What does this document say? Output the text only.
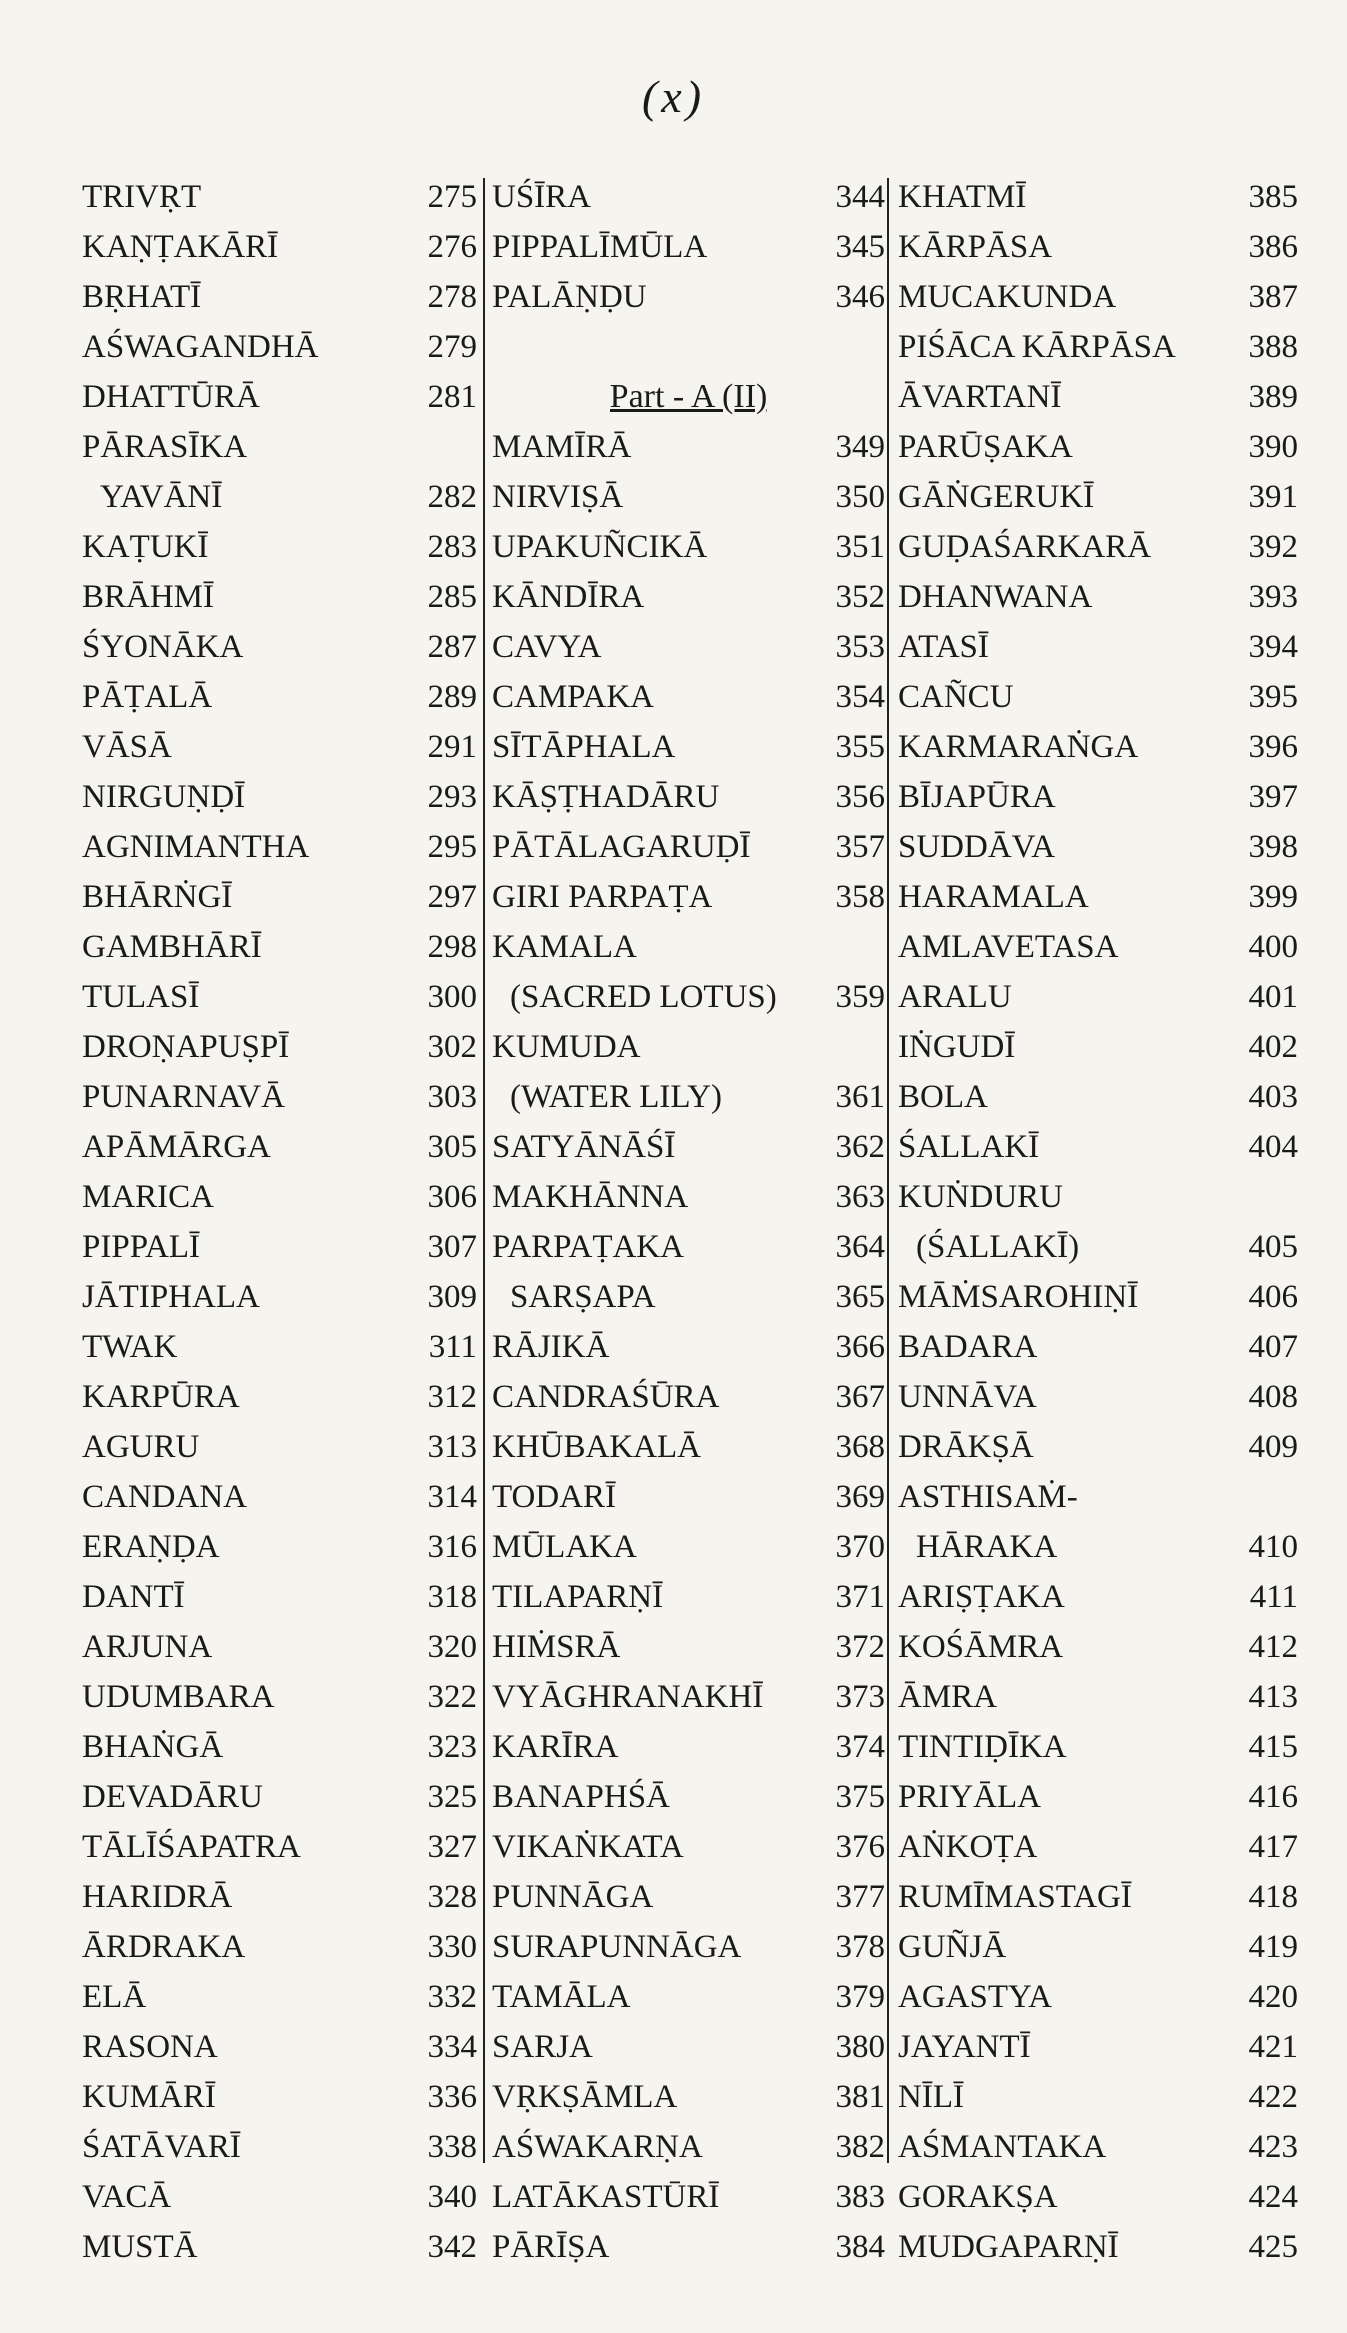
(x)
TRIVṚT	275
KAṆṬAKĀRĪ	276
BṚHATĪ	278
AŚWAGANDHĀ	279
DHATTŪRĀ	281
PĀRASĪKA
YAVĀNĪ	282
KAṬUKĪ	283
BRĀHMĪ	285
ŚYONĀKA	287
PĀṬALĀ	289
VĀSĀ	291
NIRGUṆḌĪ	293
AGNIMANTHA	295
BHĀRṄGĪ	297
GAMBHĀRĪ	298
TULASĪ	300
DROṆAPUṢPĪ	302
PUNARNAVĀ	303
APĀMĀRGA	305
MARICA	306
PIPPALĪ	307
JĀTIPHALA	309
TWAK	311
KARPŪRA	312
AGURU	313
CANDANA	314
ERAṆḌA	316
DANTĪ	318
ARJUNA	320
UDUMBARA	322
BHAṄGĀ	323
DEVADĀRU	325
TĀLĪŚAPATRA	327
HARIDRĀ	328
ĀRDRAKA	330
ELĀ	332
RASONA	334
KUMĀRĪ	336
ŚATĀVARĪ	338
VACĀ	340
MUSTĀ	342
UŚĪRA	344
PIPPALĪMŪLA	345
PALĀṆḌU	346
Part - A (II)
MAMĪRĀ	349
NIRVIṢĀ	350
UPAKUÑCIKĀ	351
KĀNDĪRA	352
CAVYA	353
CAMPAKA	354
SĪTĀPHALA	355
KĀṢṬHADĀRU	356
PĀTĀLAGARUḌĪ	357
GIRI PARPAṬA	358
KAMALA
(SACRED LOTUS)	359
KUMUDA
(WATER LILY)	361
SATYĀNĀŚĪ	362
MAKHĀNNA	363
PARPAṬAKA	364
SARṢAPA	365
RĀJIKĀ	366
CANDRAŚŪRA	367
KHŪBAKALĀ	368
TODARĪ	369
MŪLAKA	370
TILAPARṆĪ	371
HIṀSRĀ	372
VYĀGHRANAKHĪ	373
KARĪRA	374
BANAPHŚĀ	375
VIKAṄKATA	376
PUNNĀGA	377
SURAPUNNĀGA	378
TAMĀLA	379
SARJA	380
VṚKṢĀMLA	381
AŚWAKARṆA	382
LATĀKASTŪRĪ	383
PĀRĪṢA	384
KHATMĪ	385
KĀRPĀSA	386
MUCAKUNDA	387
PIŚĀCA KĀRPĀSA	388
ĀVARTANĪ	389
PARŪṢAKA	390
GĀṄGERUKĪ	391
GUḌAŚARKARĀ	392
DHANWANA	393
ATASĪ	394
CAÑCU	395
KARMARAṄGA	396
BĪJAPŪRA	397
SUDDĀVA	398
HARAMALA	399
AMLAVETASA	400
ARALU	401
IṄGUDĪ	402
BOLA	403
ŚALLAKĪ	404
KUṄDURU
(ŚALLAKĪ)	405
MĀṀSAROHIṆĪ	406
BADARA	407
UNNĀVA	408
DRĀKṢĀ	409
ASTHISAṀ-
HĀRAKA	410
ARIṢṬAKA	411
KOŚĀMRA	412
ĀMRA	413
TINTIḌĪKA	415
PRIYĀLA	416
AṄKOṬA	417
RUMĪMASTAGĪ	418
GUÑJĀ	419
AGASTYA	420
JAYANTĪ	421
NĪLĪ	422
AŚMANTAKA	423
GORAKṢA	424
MUDGAPARṆĪ	425
